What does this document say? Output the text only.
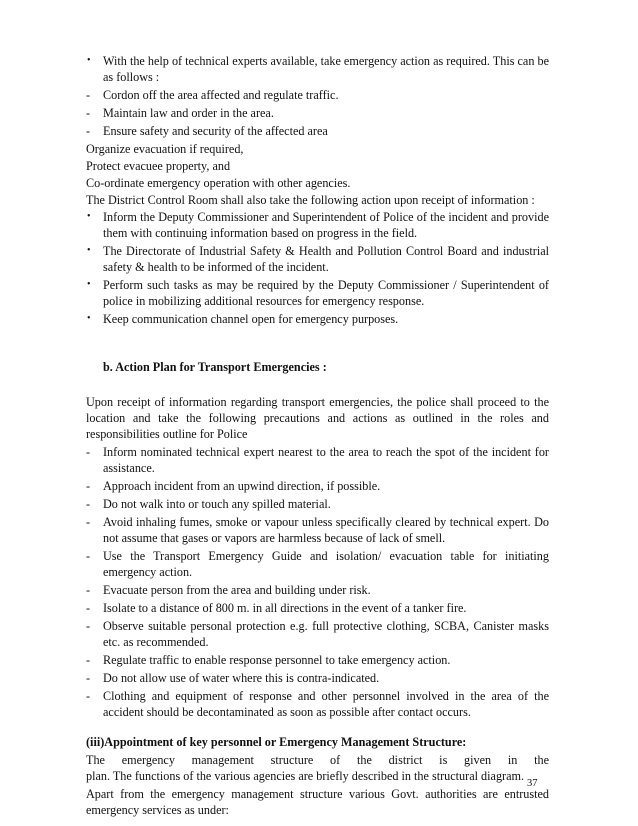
• With the help of technical experts available, take emergency action as required. This can be as follows :
- Cordon off the area affected and regulate traffic.
- Maintain law and order in the area.
- Ensure safety and security of the affected area
Organize evacuation if required,
Protect evacuee property, and
Co-ordinate emergency operation with other agencies.
The District Control Room shall also take the following action upon receipt of information :
• Inform the Deputy Commissioner and Superintendent of Police of the incident and provide them with continuing information based on progress in the field.
• The Directorate of Industrial Safety & Health and Pollution Control Board and industrial safety & health to be informed of the incident.
• Perform such tasks as may be required by the Deputy Commissioner / Superintendent of police in mobilizing additional resources for emergency response.
• Keep communication channel open for emergency purposes.
b. Action Plan for Transport Emergencies :
Upon receipt of information regarding transport emergencies, the police shall proceed to the location and take the following precautions and actions as outlined in the roles and responsibilities outline for Police
- Inform nominated technical expert nearest to the area to reach the spot of the incident for assistance.
- Approach incident from an upwind direction, if possible.
- Do not walk into or touch any spilled material.
- Avoid inhaling fumes, smoke or vapour unless specifically cleared by technical expert. Do not assume that gases or vapors are harmless because of lack of smell.
- Use the Transport Emergency Guide and isolation/ evacuation table for initiating emergency action.
- Evacuate person from the area and building under risk.
- Isolate to a distance of 800 m. in all directions in the event of a tanker fire.
- Observe suitable personal protection e.g. full protective clothing, SCBA, Canister masks etc. as recommended.
- Regulate traffic to enable response personnel to take emergency action.
- Do not allow use of water where this is contra-indicated.
- Clothing and equipment of response and other personnel involved in the area of the accident should be decontaminated as soon as possible after contact occurs.
(iii)Appointment of key personnel or Emergency Management Structure:
The emergency management structure of the district is given in the
plan. The functions of the various agencies are briefly described in the structural diagram.
Apart from the emergency management structure various Govt. authorities are entrusted emergency services as under:
37
